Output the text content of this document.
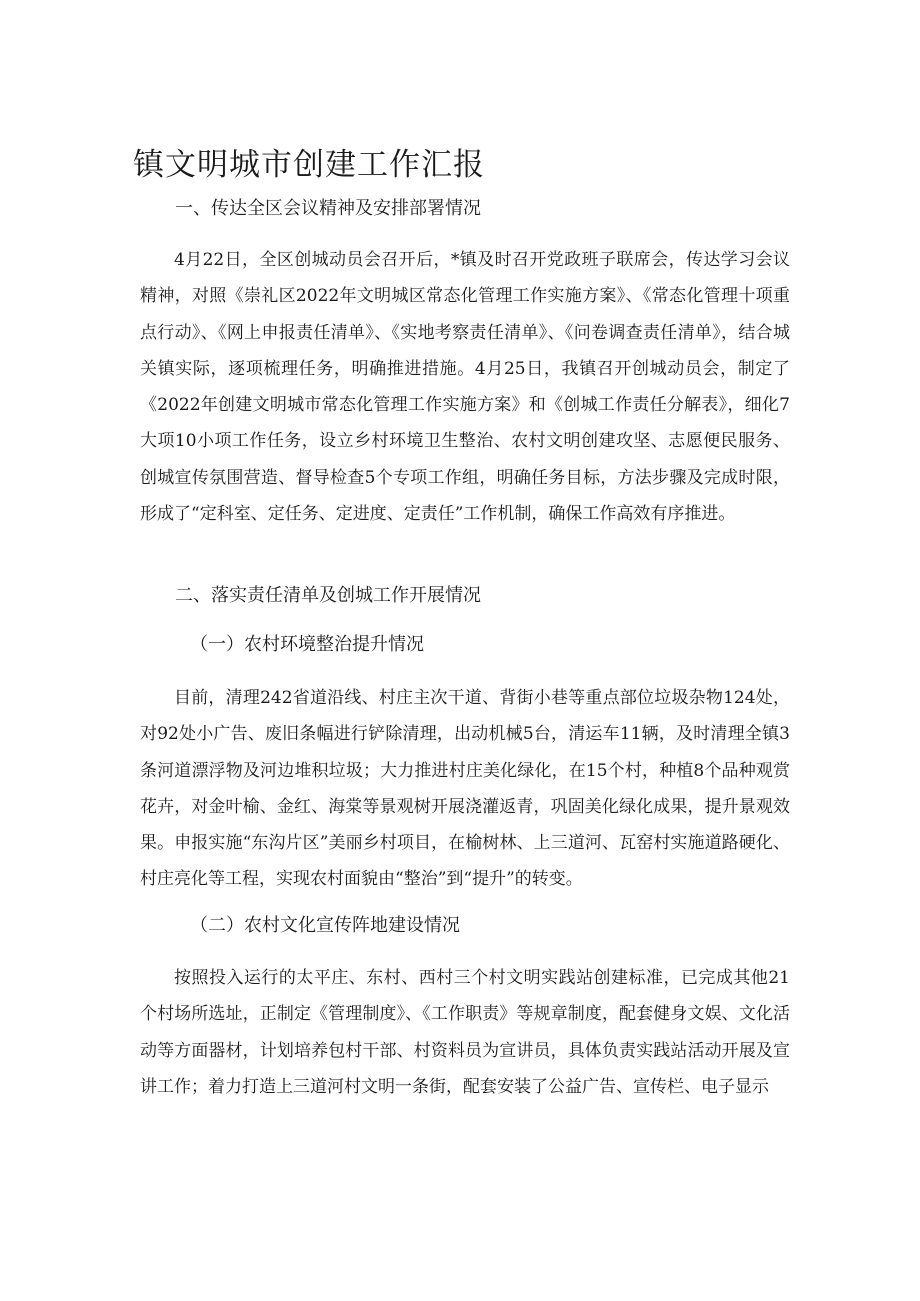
镇文明城市创建工作汇报
一、传达全区会议精神及安排部署情况

4月22日，全区创城动员会召开后，*镇及时召开党政班子联席会，传达学习会议精神，对照《崇礼区2022年文明城区常态化管理工作实施方案》、《常态化管理十项重点行动》、《网上申报责任清单》、《实地考察责任清单》、《问卷调查责任清单》，结合城关镇实际，逐项梳理任务，明确推进措施。4月25日，我镇召开创城动员会，制定了《2022年创建文明城市常态化管理工作实施方案》和《创城工作责任分解表》，细化7大项10小项工作任务，设立乡村环境卫生整治、农村文明创建攻坚、志愿便民服务、创城宣传氛围营造、督导检查5个专项工作组，明确任务目标，方法步骤及完成时限，形成了“定科室、定任务、定进度、定责任”工作机制，确保工作高效有序推进。

二、落实责任清单及创城工作开展情况
（一）农村环境整治提升情况

目前，清理242省道沿线、村庄主次干道、背街小巷等重点部位垃圾杂物124处，对92处小广告、废旧条幅进行铲除清理，出动机械5台，清运车11辆，及时清理全镇3条河道漂浮物及河边堆积垃圾；大力推进村庄美化绿化，在15个村，种植8个品种观赏花卉，对金叶榆、金红、海棠等景观树开展浇灌返青，巩固美化绿化成果，提升景观效果。申报实施“东沟片区”美丽乡村项目，在榆树林、上三道河、瓦窑村实施道路硬化、村庄亮化等工程，实现农村面貌由“整治”到“提升”的转变。

（二）农村文化宣传阵地建设情况

按照投入运行的太平庄、东村、西村三个村文明实践站创建标准，已完成其他21个村场所选址，正制定《管理制度》、《工作职责》等规章制度，配套健身文娱、文化活动等方面器材，计划培养包村干部、村资料员为宣讲员，具体负责实践站活动开展及宣讲工作；着力打造上三道河村文明一条街，配套安装了公益广告、宣传栏、电子显示
